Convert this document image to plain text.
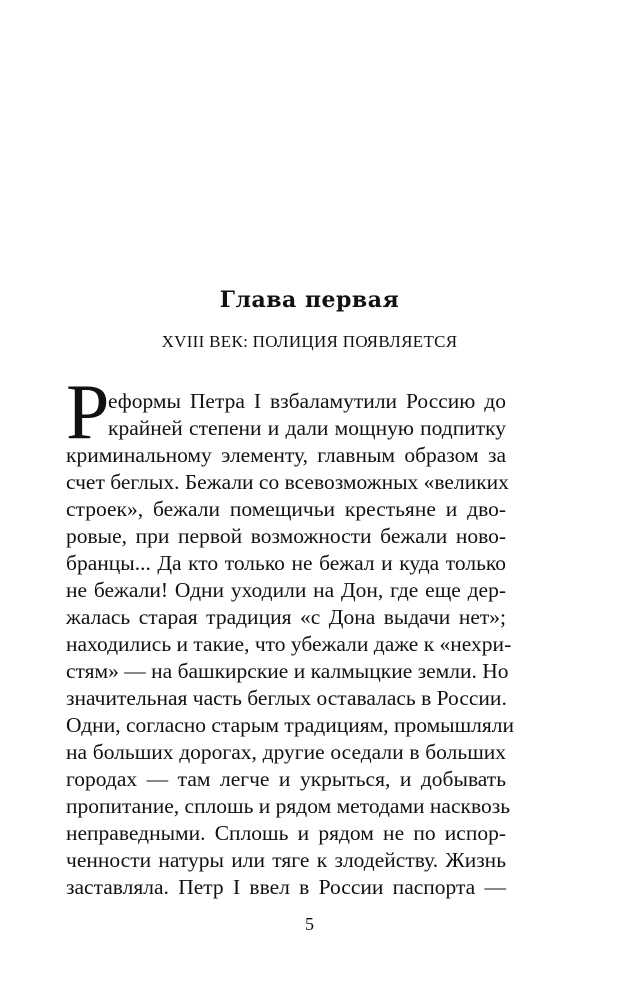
Глава первая
XVIII ВЕК: ПОЛИЦИЯ ПОЯВЛЯЕТСЯ
Р
еформы Петра I взбаламутили Россию до
крайней степени и дали мощную подпитку
криминальному элементу, главным образом за
счет беглых. Бежали со всевозможных «великих
строек», бежали помещичьи крестьяне и дво-
ровые, при первой возможности бежали ново-
бранцы... Да кто только не бежал и куда только
не бежали! Одни уходили на Дон, где еще дер-
жалась старая традиция «с Дона выдачи нет»;
находились и такие, что убежали даже к «нехри-
стям» — на башкирские и калмыцкие земли. Но
значительная часть беглых оставалась в России.
Одни, согласно старым традициям, промышляли
на больших дорогах, другие оседали в больших
городах — там легче и укрыться, и добывать
пропитание, сплошь и рядом методами насквозь
неправедными. Сплошь и рядом не по испор-
ченности натуры или тяге к злодейству. Жизнь
заставляла. Петр I ввел в России паспорта —
5
